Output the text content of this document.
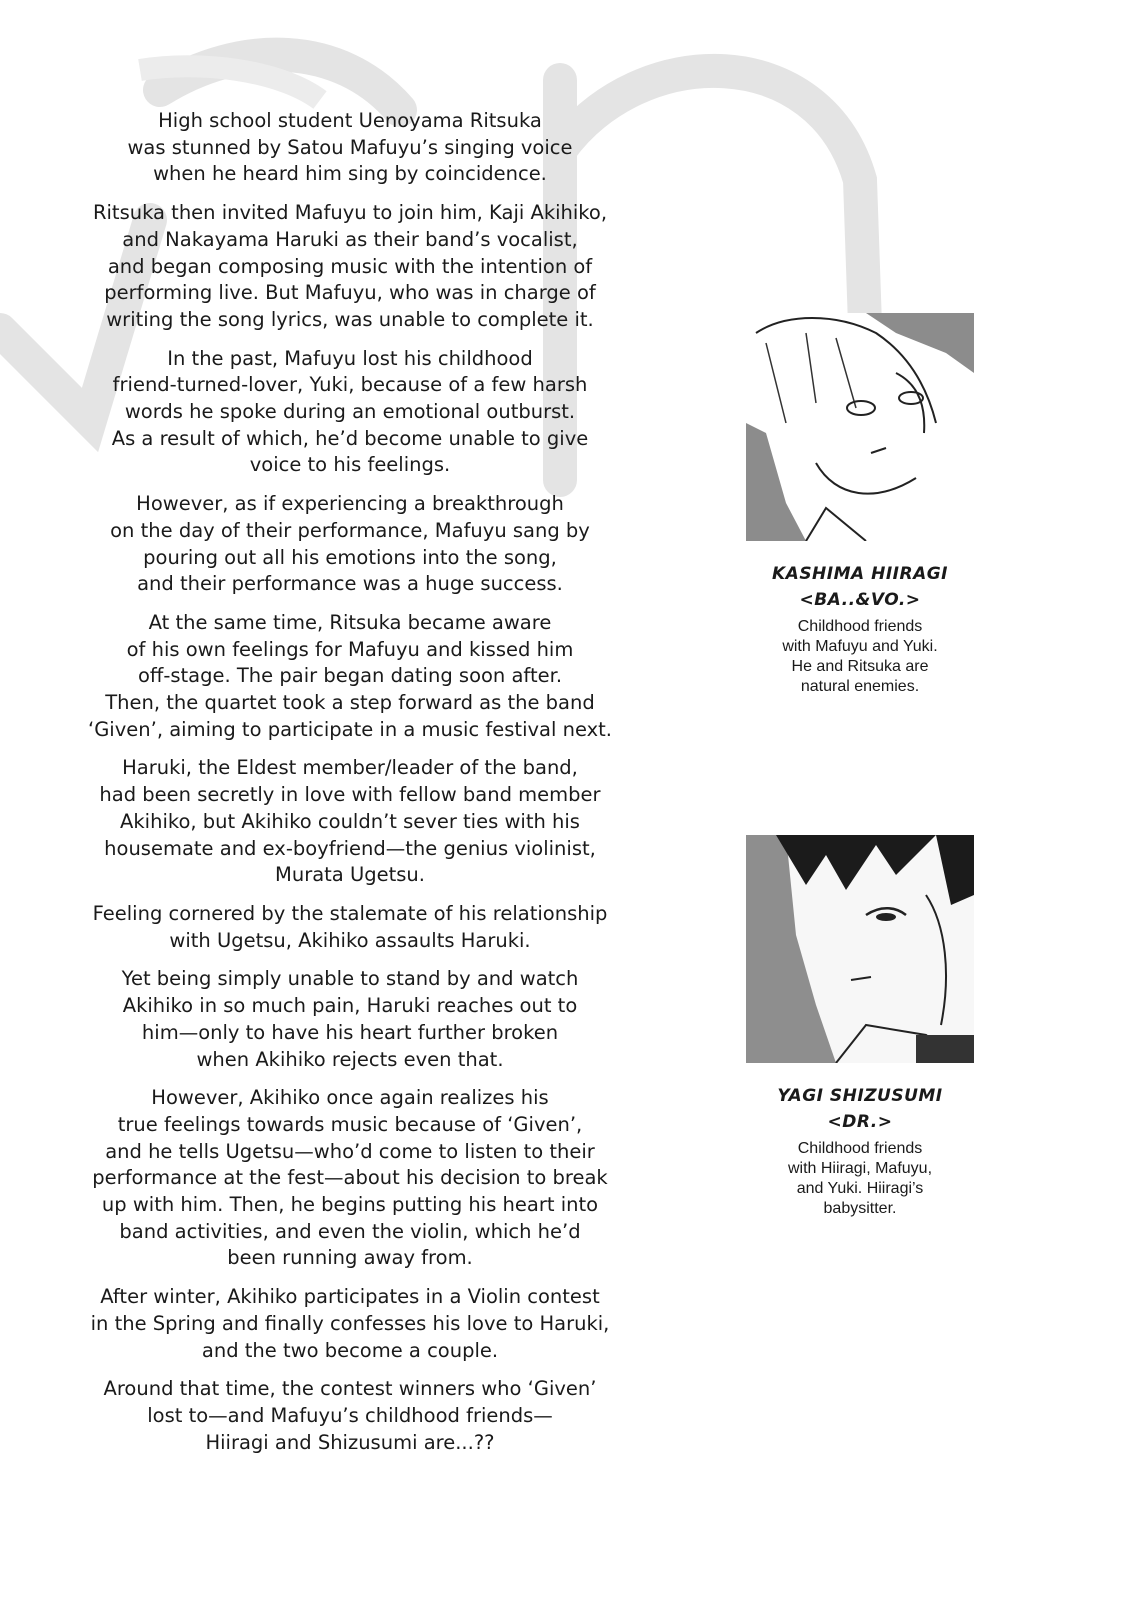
High school student Uenoyama Ritsuka
was stunned by Satou Mafuyu’s singing voice
when he heard him sing by coincidence.

Ritsuka then invited Mafuyu to join him, Kaji Akihiko,
and Nakayama Haruki as their band’s vocalist,
and began composing music with the intention of
performing live. But Mafuyu, who was in charge of
writing the song lyrics, was unable to complete it.

In the past, Mafuyu lost his childhood
friend-turned-lover, Yuki, because of a few harsh
words he spoke during an emotional outburst.
As a result of which, he’d become unable to give
voice to his feelings.

However, as if experiencing a breakthrough
on the day of their performance, Mafuyu sang by
pouring out all his emotions into the song,
and their performance was a huge success.

At the same time, Ritsuka became aware
of his own feelings for Mafuyu and kissed him
off-stage. The pair began dating soon after.
Then, the quartet took a step forward as the band
‘Given’, aiming to participate in a music festival next.

Haruki, the Eldest member/leader of the band,
had been secretly in love with fellow band member
Akihiko, but Akihiko couldn’t sever ties with his
housemate and ex-boyfriend—the genius violinist,
Murata Ugetsu.

Feeling cornered by the stalemate of his relationship
with Ugetsu, Akihiko assaults Haruki.

Yet being simply unable to stand by and watch
Akihiko in so much pain, Haruki reaches out to
him—only to have his heart further broken
when Akihiko rejects even that.

However, Akihiko once again realizes his
true feelings towards music because of ‘Given’,
and he tells Ugetsu—who’d come to listen to their
performance at the fest—about his decision to break
up with him. Then, he begins putting his heart into
band activities, and even the violin, which he’d
been running away from.

After winter, Akihiko participates in a Violin contest
in the Spring and finally confesses his love to Haruki,
and the two become a couple.

Around that time, the contest winners who ‘Given’
lost to—and Mafuyu’s childhood friends—
Hiiragi and Shizusumi are...??

KASHIMA HIIRAGI
<BA..&VO.>
Childhood friends
with Mafuyu and Yuki.
He and Ritsuka are
natural enemies.
YAGI SHIZUSUMI
<DR.>
Childhood friends
with Hiiragi, Mafuyu,
and Yuki. Hiiragi’s
babysitter.
